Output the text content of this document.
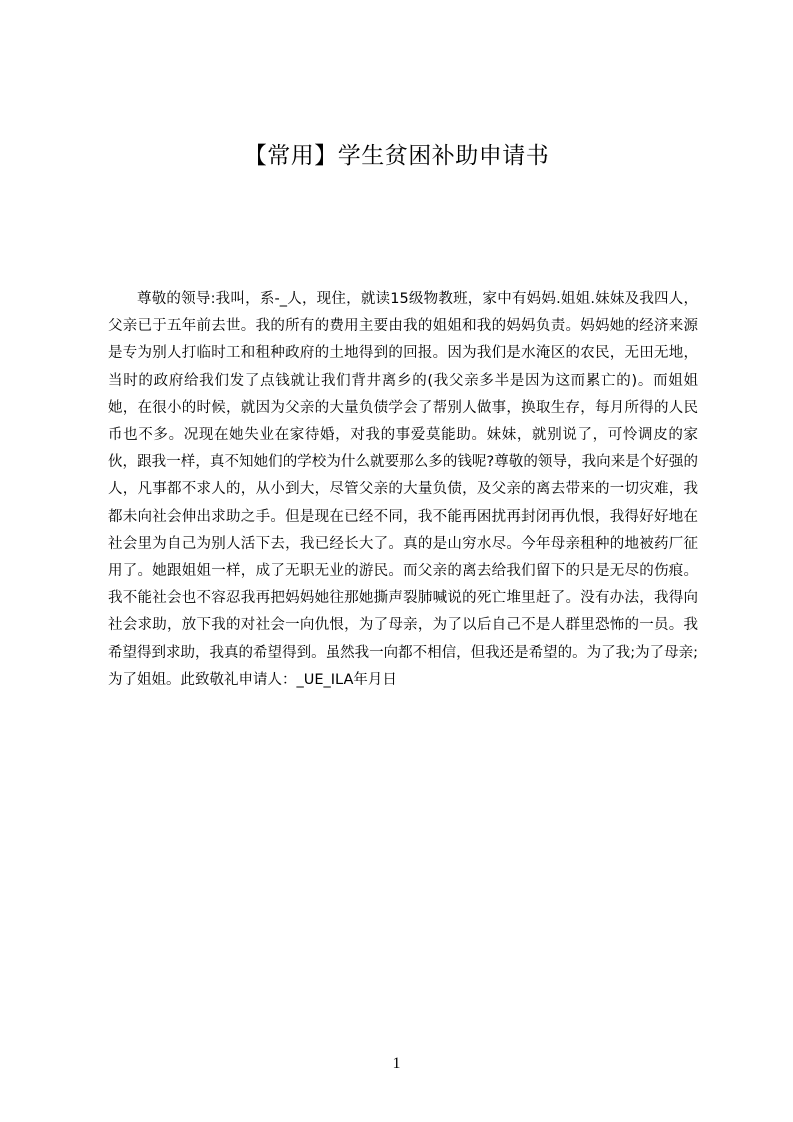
【常用】学生贫困补助申请书

尊敬的领导:我叫，系-_人，现住，就读15级物教班，家中有妈妈.姐姐.妹妹及我四人，父亲已于五年前去世。我的所有的费用主要由我的姐姐和我的妈妈负责。妈妈她的经济来源是专为别人打临时工和租种政府的土地得到的回报。因为我们是水淹区的农民，无田无地，当时的政府给我们发了点钱就让我们背井离乡的(我父亲多半是因为这而累亡的)。而姐姐她，在很小的时候，就因为父亲的大量负债学会了帮别人做事，换取生存，每月所得的人民币也不多。况现在她失业在家待婚，对我的事爱莫能助。妹妹，就别说了，可怜调皮的家伙，跟我一样，真不知她们的学校为什么就要那么多的钱呢?尊敬的领导，我向来是个好强的人，凡事都不求人的，从小到大，尽管父亲的大量负债，及父亲的离去带来的一切灾难，我都未向社会伸出求助之手。但是现在已经不同，我不能再困扰再封闭再仇恨，我得好好地在社会里为自己为别人活下去，我已经长大了。真的是山穷水尽。今年母亲租种的地被药厂征用了。她跟姐姐一样，成了无职无业的游民。而父亲的离去给我们留下的只是无尽的伤痕。我不能社会也不容忍我再把妈妈她往那她撕声裂肺喊说的死亡堆里赶了。没有办法，我得向社会求助，放下我的对社会一向仇恨，为了母亲，为了以后自己不是人群里恐怖的一员。我希望得到求助，我真的希望得到。虽然我一向都不相信，但我还是希望的。为了我;为了母亲;为了姐姐。此致敬礼申请人：_UE_ILA年月日

1
